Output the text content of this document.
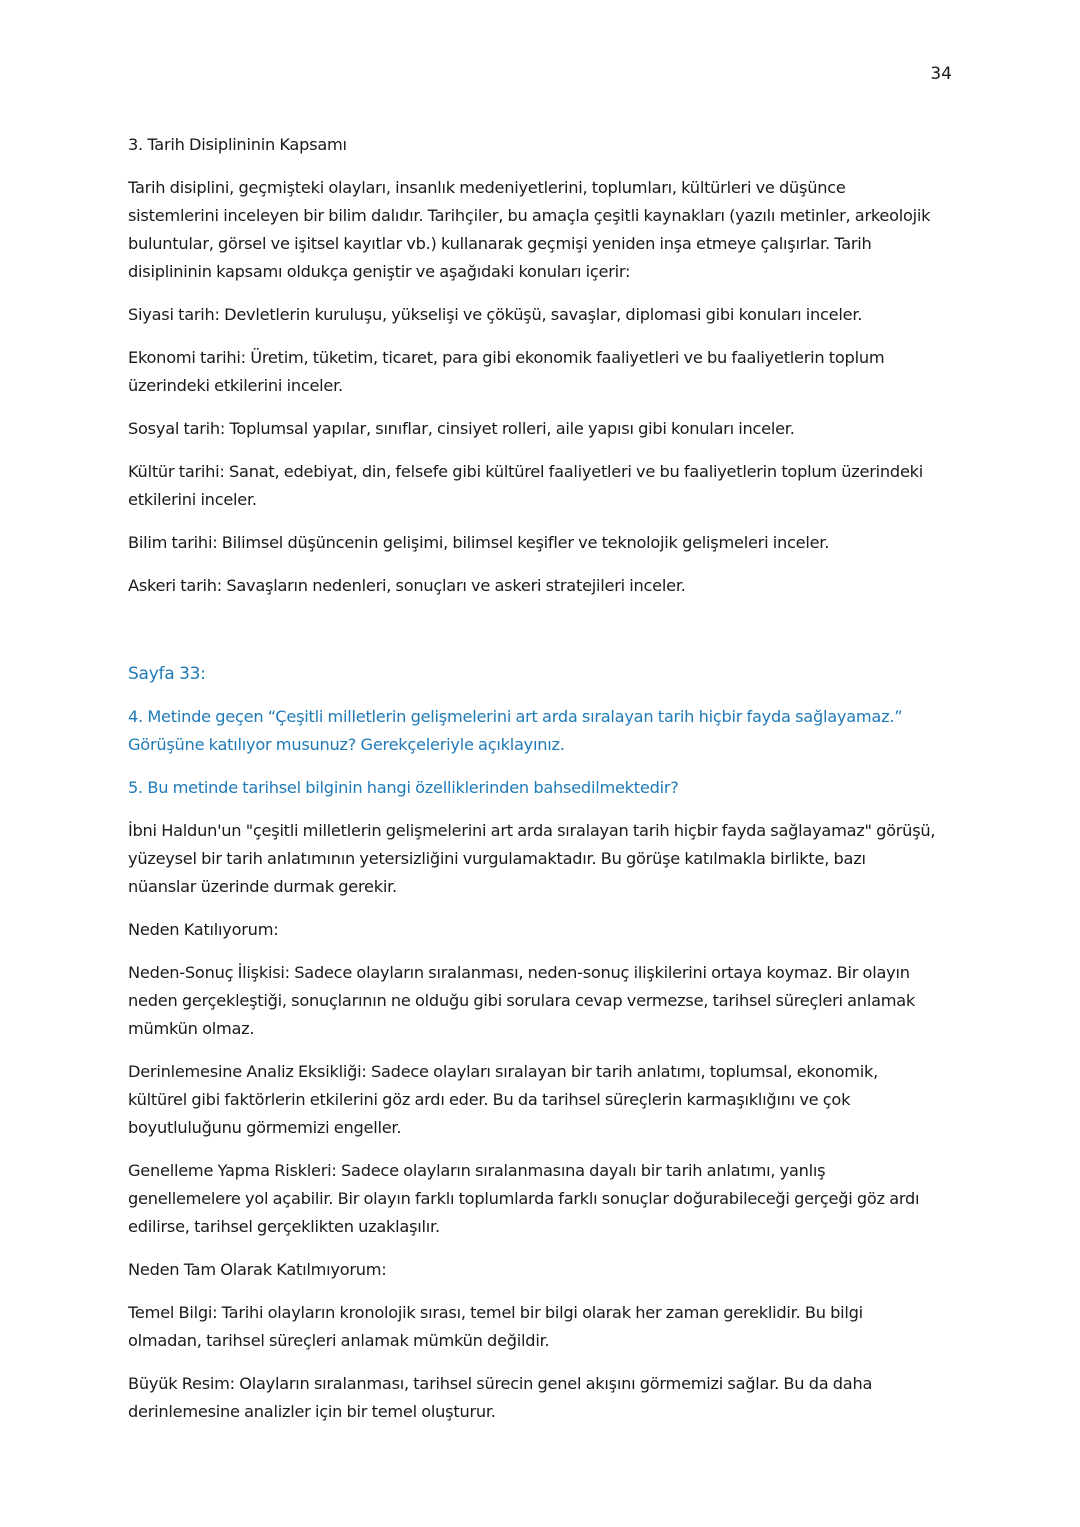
34

3. Tarih Disiplininin Kapsamı

Tarih disiplini, geçmişteki olayları, insanlık medeniyetlerini, toplumları, kültürleri ve düşünce sistemlerini inceleyen bir bilim dalıdır. Tarihçiler, bu amaçla çeşitli kaynakları (yazılı metinler, arkeolojik buluntular, görsel ve işitsel kayıtlar vb.) kullanarak geçmişi yeniden inşa etmeye çalışırlar. Tarih disiplininin kapsamı oldukça geniştir ve aşağıdaki konuları içerir:

Siyasi tarih: Devletlerin kuruluşu, yükselişi ve çöküşü, savaşlar, diplomasi gibi konuları inceler.

Ekonomi tarihi: Üretim, tüketim, ticaret, para gibi ekonomik faaliyetleri ve bu faaliyetlerin toplum üzerindeki etkilerini inceler.

Sosyal tarih: Toplumsal yapılar, sınıflar, cinsiyet rolleri, aile yapısı gibi konuları inceler.

Kültür tarihi: Sanat, edebiyat, din, felsefe gibi kültürel faaliyetleri ve bu faaliyetlerin toplum üzerindeki etkilerini inceler.

Bilim tarihi: Bilimsel düşüncenin gelişimi, bilimsel keşifler ve teknolojik gelişmeleri inceler.

Askeri tarih: Savaşların nedenleri, sonuçları ve askeri stratejileri inceler.

Sayfa 33:

4. Metinde geçen “Çeşitli milletlerin gelişmelerini art arda sıralayan tarih hiçbir fayda sağlayamaz.” Görüşüne katılıyor musunuz? Gerekçeleriyle açıklayınız.

5. Bu metinde tarihsel bilginin hangi özelliklerinden bahsedilmektedir?

İbni Haldun'un "çeşitli milletlerin gelişmelerini art arda sıralayan tarih hiçbir fayda sağlayamaz" görüşü, yüzeysel bir tarih anlatımının yetersizliğini vurgulamaktadır. Bu görüşe katılmakla birlikte, bazı nüanslar üzerinde durmak gerekir.

Neden Katılıyorum:

Neden-Sonuç İlişkisi: Sadece olayların sıralanması, neden-sonuç ilişkilerini ortaya koymaz. Bir olayın neden gerçekleştiği, sonuçlarının ne olduğu gibi sorulara cevap vermezse, tarihsel süreçleri anlamak mümkün olmaz.

Derinlemesine Analiz Eksikliği: Sadece olayları sıralayan bir tarih anlatımı, toplumsal, ekonomik, kültürel gibi faktörlerin etkilerini göz ardı eder. Bu da tarihsel süreçlerin karmaşıklığını ve çok boyutluluğunu görmemizi engeller.

Genelleme Yapma Riskleri: Sadece olayların sıralanmasına dayalı bir tarih anlatımı, yanlış genellemelere yol açabilir. Bir olayın farklı toplumlarda farklı sonuçlar doğurabileceği gerçeği göz ardı edilirse, tarihsel gerçeklikten uzaklaşılır.

Neden Tam Olarak Katılmıyorum:

Temel Bilgi: Tarihi olayların kronolojik sırası, temel bir bilgi olarak her zaman gereklidir. Bu bilgi olmadan, tarihsel süreçleri anlamak mümkün değildir.

Büyük Resim: Olayların sıralanması, tarihsel sürecin genel akışını görmemizi sağlar. Bu da daha derinlemesine analizler için bir temel oluşturur.
